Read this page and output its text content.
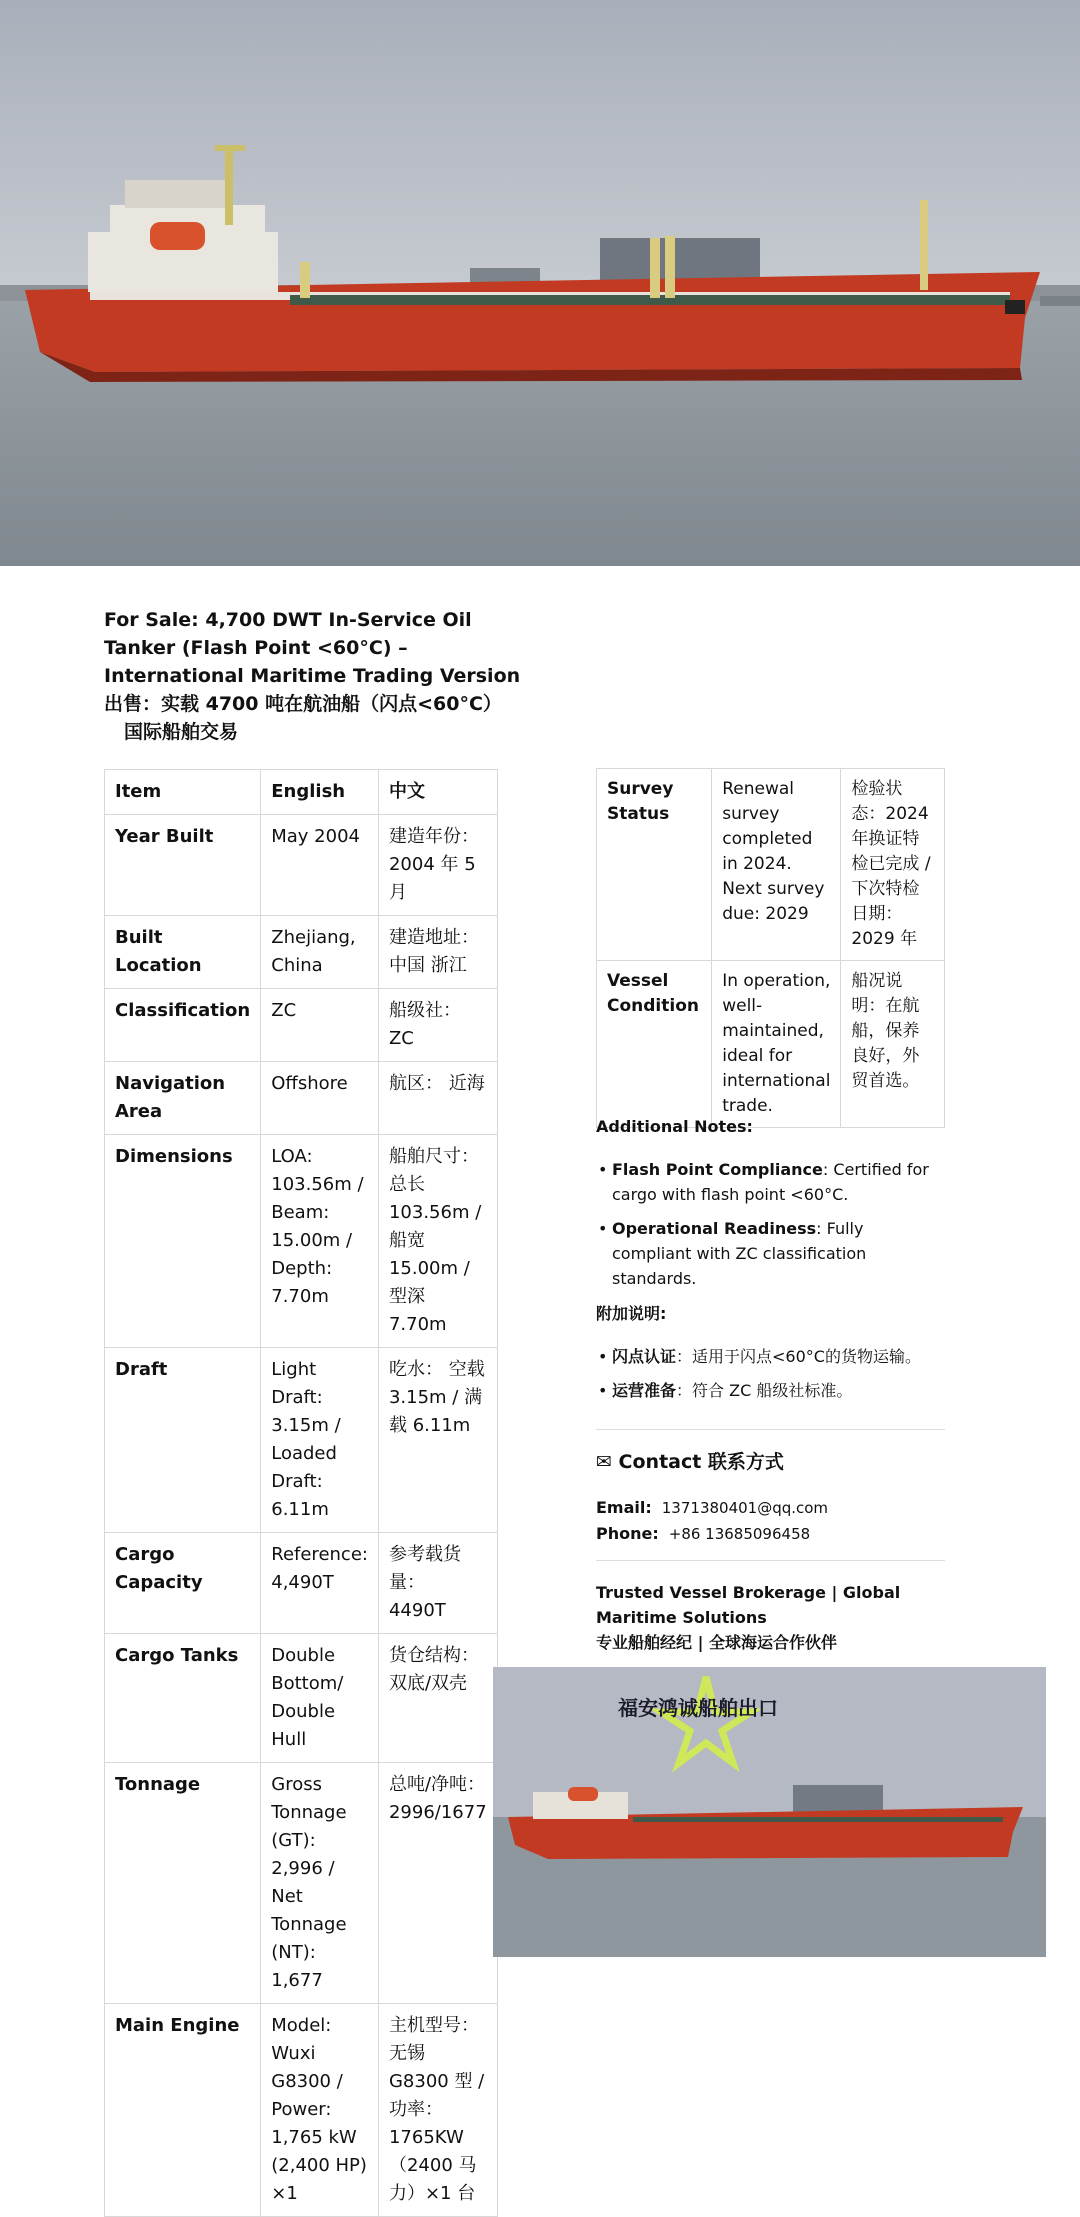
For Sale: 4,700 DWT In-Service Oil Tanker (Flash Point <60°C) – International Maritime Trading Version
出售：实载 4700 吨在航油船（闪点<60°C）
国际船舶交易
Item	English	中文
Year Built	May 2004	建造年份：2004 年 5 月
Built Location	Zhejiang, China	建造地址：中国 浙江
Classification	ZC	船级社： ZC
Navigation Area	Offshore	航区： 近海
Dimensions	LOA: 103.56m / Beam: 15.00m / Depth: 7.70m	船舶尺寸：总长 103.56m / 船宽 15.00m / 型深 7.70m
Draft	Light Draft: 3.15m / Loaded Draft: 6.11m	吃水： 空载 3.15m / 满载 6.11m
Cargo Capacity	Reference: 4,490T	参考载货量： 4490T
Cargo Tanks	Double Bottom/ Double Hull	货仓结构：双底/双壳
Tonnage	Gross Tonnage (GT): 2,996 / Net Tonnage (NT): 1,677	总吨/净吨：2996/1677
Main Engine	Model: Wuxi G8300 / Power: 1,765 kW (2,400 HP) ×1	主机型号：无锡 G8300 型 / 功率：1765KW （2400 马力）×1 台
Survey Status	Renewal survey completed in 2024. Next survey due: 2029	检验状态：2024 年换证特检已完成 / 下次特检日期： 2029 年
Vessel Condition	In operation, well-maintained, ideal for international trade.	船况说明：在航船，保养良好，外贸首选。
Additional Notes:
• Flash Point Compliance: Certified for cargo with flash point <60°C.
• Operational Readiness: Fully compliant with ZC classification standards.
附加说明:
• 闪点认证：适用于闪点<60°C的货物运输。
• 运营准备：符合 ZC 船级社标准。
✉ Contact 联系方式
Email: 1371380401@qq.com
Phone: +86 13685096458
Trusted Vessel Brokerage | Global Maritime Solutions
专业船舶经纪 | 全球海运合作伙伴
福安鸿诚船舶出口
